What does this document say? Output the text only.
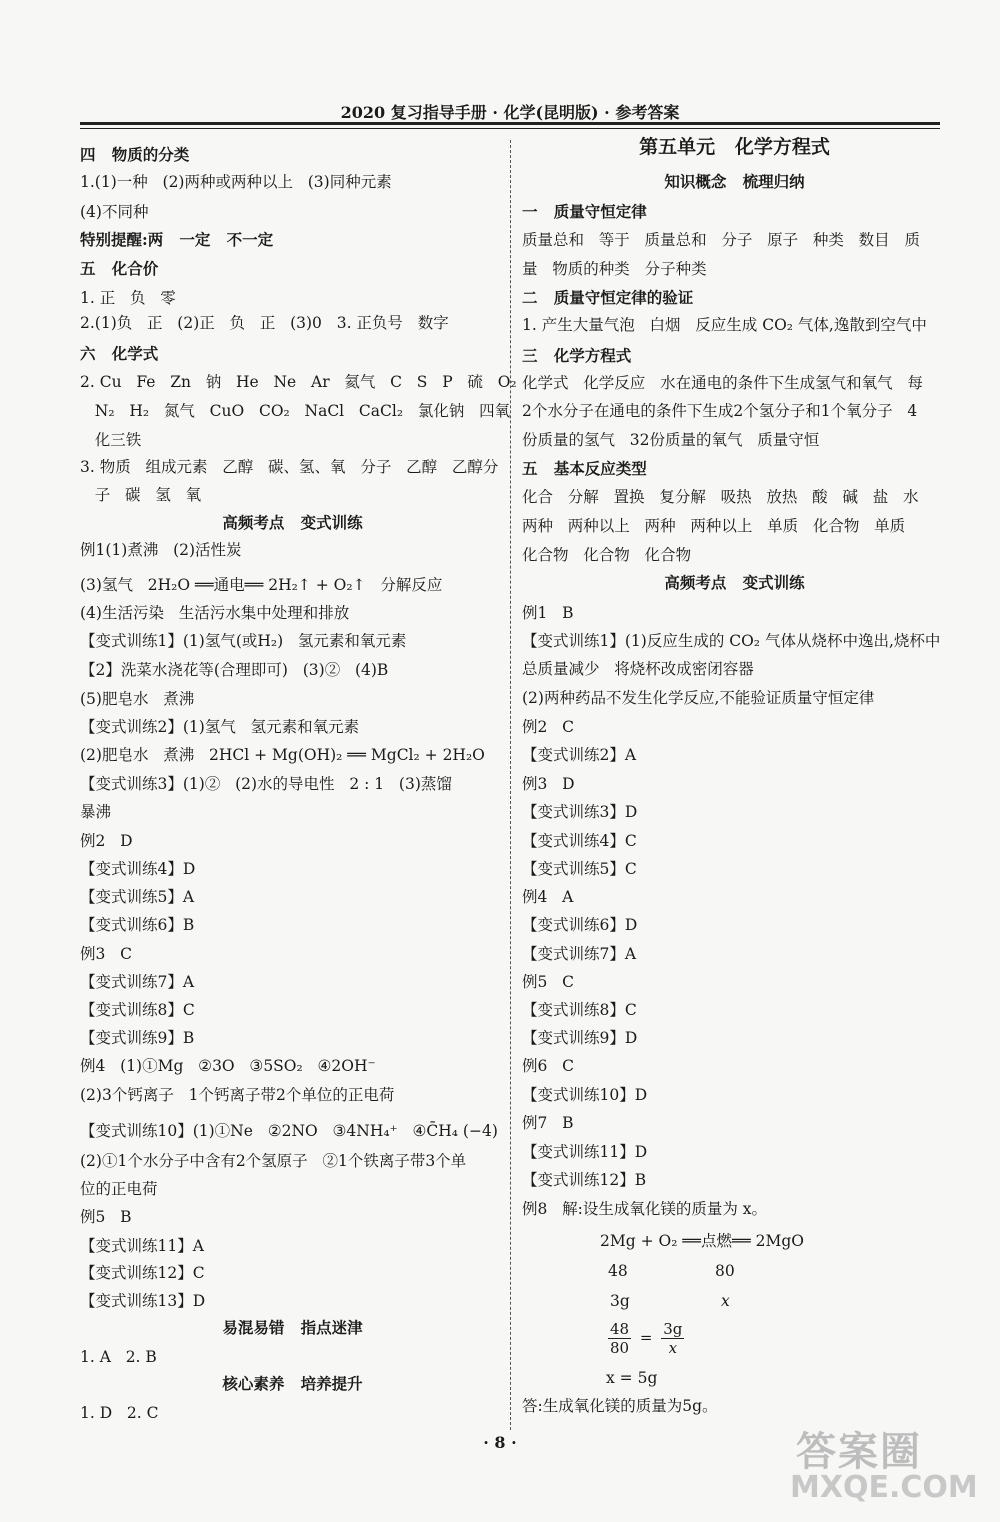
2020 复习指导手册 · 化学(昆明版) · 参考答案
四   物质的分类
1.(1)一种   (2)两种或两种以上   (3)同种元素
(4)不同种
特别提醒:两   一定   不一定
五   化合价
1. 正   负   零
2.(1)负   正   (2)正   负   正   (3)0   3. 正负号   数字
六   化学式
2. Cu   Fe   Zn   钠   He   Ne   Ar   氦气   C   S   P   硫   O₂
N₂   H₂   氮气   CuO   CO₂   NaCl   CaCl₂   氯化钠   四氧
化三铁
3. 物质   组成元素   乙醇   碳、氢、氧   分子   乙醇   乙醇分
子   碳   氢   氧
高频考点   变式训练
例1(1)煮沸   (2)活性炭
(3)氢气   2H₂O ══通电══ 2H₂↑ + O₂↑   分解反应
(4)生活污染   生活污水集中处理和排放
【变式训练1】(1)氢气(或H₂)   氢元素和氧元素
【2】洗菜水浇花等(合理即可)   (3)②   (4)B
(5)肥皂水   煮沸
【变式训练2】(1)氢气   氢元素和氧元素
(2)肥皂水   煮沸   2HCl + Mg(OH)₂ ══ MgCl₂ + 2H₂O
【变式训练3】(1)②   (2)水的导电性   2 : 1   (3)蒸馏
暴沸
例2   D
【变式训练4】D
【变式训练5】A
【变式训练6】B
例3   C
【变式训练7】A
【变式训练8】C
【变式训练9】B
例4   (1)①Mg   ②3O   ③5SO₂   ④2OH⁻
(2)3个钙离子   1个钙离子带2个单位的正电荷
【变式训练10】(1)①Ne   ②2NO   ③4NH₄⁺   ④C̄H₄ (−4)
(2)①1个水分子中含有2个氢原子   ②1个铁离子带3个单
位的正电荷
例5   B
【变式训练11】A
【变式训练12】C
【变式训练13】D
易混易错   指点迷津
1. A   2. B
核心素养   培养提升
1. D   2. C
第五单元   化学方程式
知识概念   梳理归纳
一   质量守恒定律
质量总和   等于   质量总和   分子   原子   种类   数目   质
量   物质的种类   分子种类
二   质量守恒定律的验证
1. 产生大量气泡   白烟   反应生成 CO₂ 气体,逸散到空气中
三   化学方程式
化学式   化学反应   水在通电的条件下生成氢气和氧气   每
2个水分子在通电的条件下生成2个氢分子和1个氧分子   4
份质量的氢气   32份质量的氧气   质量守恒
五   基本反应类型
化合   分解   置换   复分解   吸热   放热   酸   碱   盐   水
两种   两种以上   两种   两种以上   单质   化合物   单质
化合物   化合物   化合物
高频考点   变式训练
例1   B
【变式训练1】(1)反应生成的 CO₂ 气体从烧杯中逸出,烧杯中
总质量减少   将烧杯改成密闭容器
(2)两种药品不发生化学反应,不能验证质量守恒定律
例2   C
【变式训练2】A
例3   D
【变式训练3】D
【变式训练4】C
【变式训练5】C
例4   A
【变式训练6】D
【变式训练7】A
例5   C
【变式训练8】C
【变式训练9】D
例6   C
【变式训练10】D
例7   B
【变式训练11】D
【变式训练12】B
例8   解:设生成氧化镁的质量为 x。
2Mg + O₂ ══点燃══ 2MgO
48	80
3g	x
$\frac{48}{80} = \frac{3g}{x}$
x = 5g
答:生成氧化镁的质量为5g。
· 8 ·	答案圈
MXQE.COM
